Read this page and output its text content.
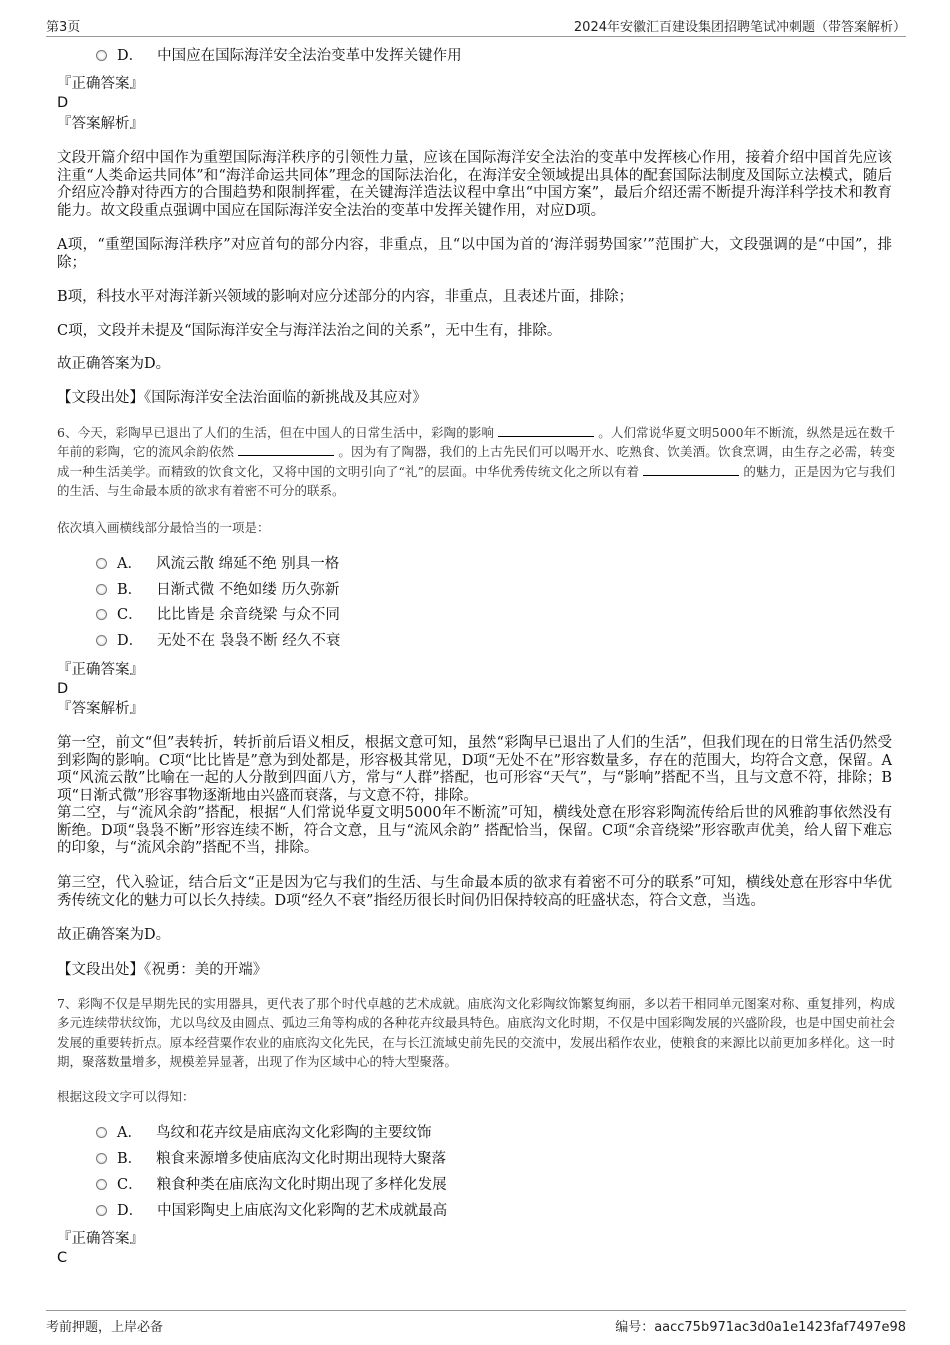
第3页	2024年安徽汇百建设集团招聘笔试冲刺题（带答案解析）
D． 中国应在国际海洋安全法治变革中发挥关键作用
『正确答案』
D
『答案解析』

文段开篇介绍中国作为重塑国际海洋秩序的引领性力量，应该在国际海洋安全法治的变革中发挥核心作用，接着介绍中国首先应该注重“人类命运共同体”和“海洋命运共同体”理念的国际法治化，在海洋安全领域提出具体的配套国际法制度及国际立法模式，随后介绍应冷静对待西方的合围趋势和限制挥霍，在关键海洋造法议程中拿出“中国方案”，最后介绍还需不断提升海洋科学技术和教育能力。故文段重点强调中国应在国际海洋安全法治的变革中发挥关键作用，对应D项。

A项，“重塑国际海洋秩序”对应首句的部分内容，非重点，且“以中国为首的‘海洋弱势国家’”范围扩大，文段强调的是“中国”，排除；

B项，科技水平对海洋新兴领域的影响对应分述部分的内容，非重点，且表述片面，排除；

C项，文段并未提及“国际海洋安全与海洋法治之间的关系”，无中生有，排除。

故正确答案为D。

【文段出处】《国际海洋安全法治面临的新挑战及其应对》

6、今天，彩陶早已退出了人们的生活，但在中国人的日常生活中，彩陶的影响	。人们常说华夏文明5000年不断流，纵然是远在数千年前的彩陶，它的流风余韵依然	。因为有了陶器，我们的上古先民们可以喝开水、吃熟食、饮美酒。饮食烹调，由生存之必需，转变成一种生活美学。而精致的饮食文化，又将中国的文明引向了“礼”的层面。中华优秀传统文化之所以有着	的魅力，正是因为它与我们的生活、与生命最本质的欲求有着密不可分的联系。

依次填入画横线部分最恰当的一项是：
A． 风流云散 绵延不绝 别具一格
B． 日渐式微 不绝如缕 历久弥新
C． 比比皆是 余音绕梁 与众不同
D． 无处不在 袅袅不断 经久不衰
『正确答案』
D
『答案解析』

第一空，前文“但”表转折，转折前后语义相反，根据文意可知，虽然“彩陶早已退出了人们的生活”，但我们现在的日常生活仍然受到彩陶的影响。C项“比比皆是”意为到处都是，形容极其常见，D项“无处不在”形容数量多，存在的范围大，均符合文意，保留。A项“风流云散”比喻在一起的人分散到四面八方，常与“人群”搭配，也可形容“天气”，与“影响”搭配不当，且与文意不符，排除；B项“日渐式微”形容事物逐渐地由兴盛而衰落，与文意不符，排除。

第二空，与“流风余韵”搭配，根据“人们常说华夏文明5000年不断流”可知，横线处意在形容彩陶流传给后世的风雅韵事依然没有断绝。D项“袅袅不断”形容连续不断，符合文意，且与“流风余韵” 搭配恰当，保留。C项“余音绕梁”形容歌声优美，给人留下难忘的印象，与“流风余韵”搭配不当，排除。

第三空，代入验证，结合后文“正是因为它与我们的生活、与生命最本质的欲求有着密不可分的联系”可知，横线处意在形容中华优秀传统文化的魅力可以长久持续。D项“经久不衰”指经历很长时间仍旧保持较高的旺盛状态，符合文意，当选。

故正确答案为D。

【文段出处】《祝勇：美的开端》

7、彩陶不仅是早期先民的实用器具，更代表了那个时代卓越的艺术成就。庙底沟文化彩陶纹饰繁复绚丽，多以若干相同单元图案对称、重复排列，构成多元连续带状纹饰，尤以鸟纹及由圆点、弧边三角等构成的各种花卉纹最具特色。庙底沟文化时期，不仅是中国彩陶发展的兴盛阶段，也是中国史前社会发展的重要转折点。原本经营粟作农业的庙底沟文化先民，在与长江流域史前先民的交流中，发展出稻作农业，使粮食的来源比以前更加多样化。这一时期，聚落数量增多，规模差异显著，出现了作为区域中心的特大型聚落。

根据这段文字可以得知：
A． 鸟纹和花卉纹是庙底沟文化彩陶的主要纹饰
B． 粮食来源增多使庙底沟文化时期出现特大聚落
C． 粮食种类在庙底沟文化时期出现了多样化发展
D． 中国彩陶史上庙底沟文化彩陶的艺术成就最高
『正确答案』
C
考前押题，上岸必备	编号：aacc75b971ac3d0a1e1423faf7497e98
